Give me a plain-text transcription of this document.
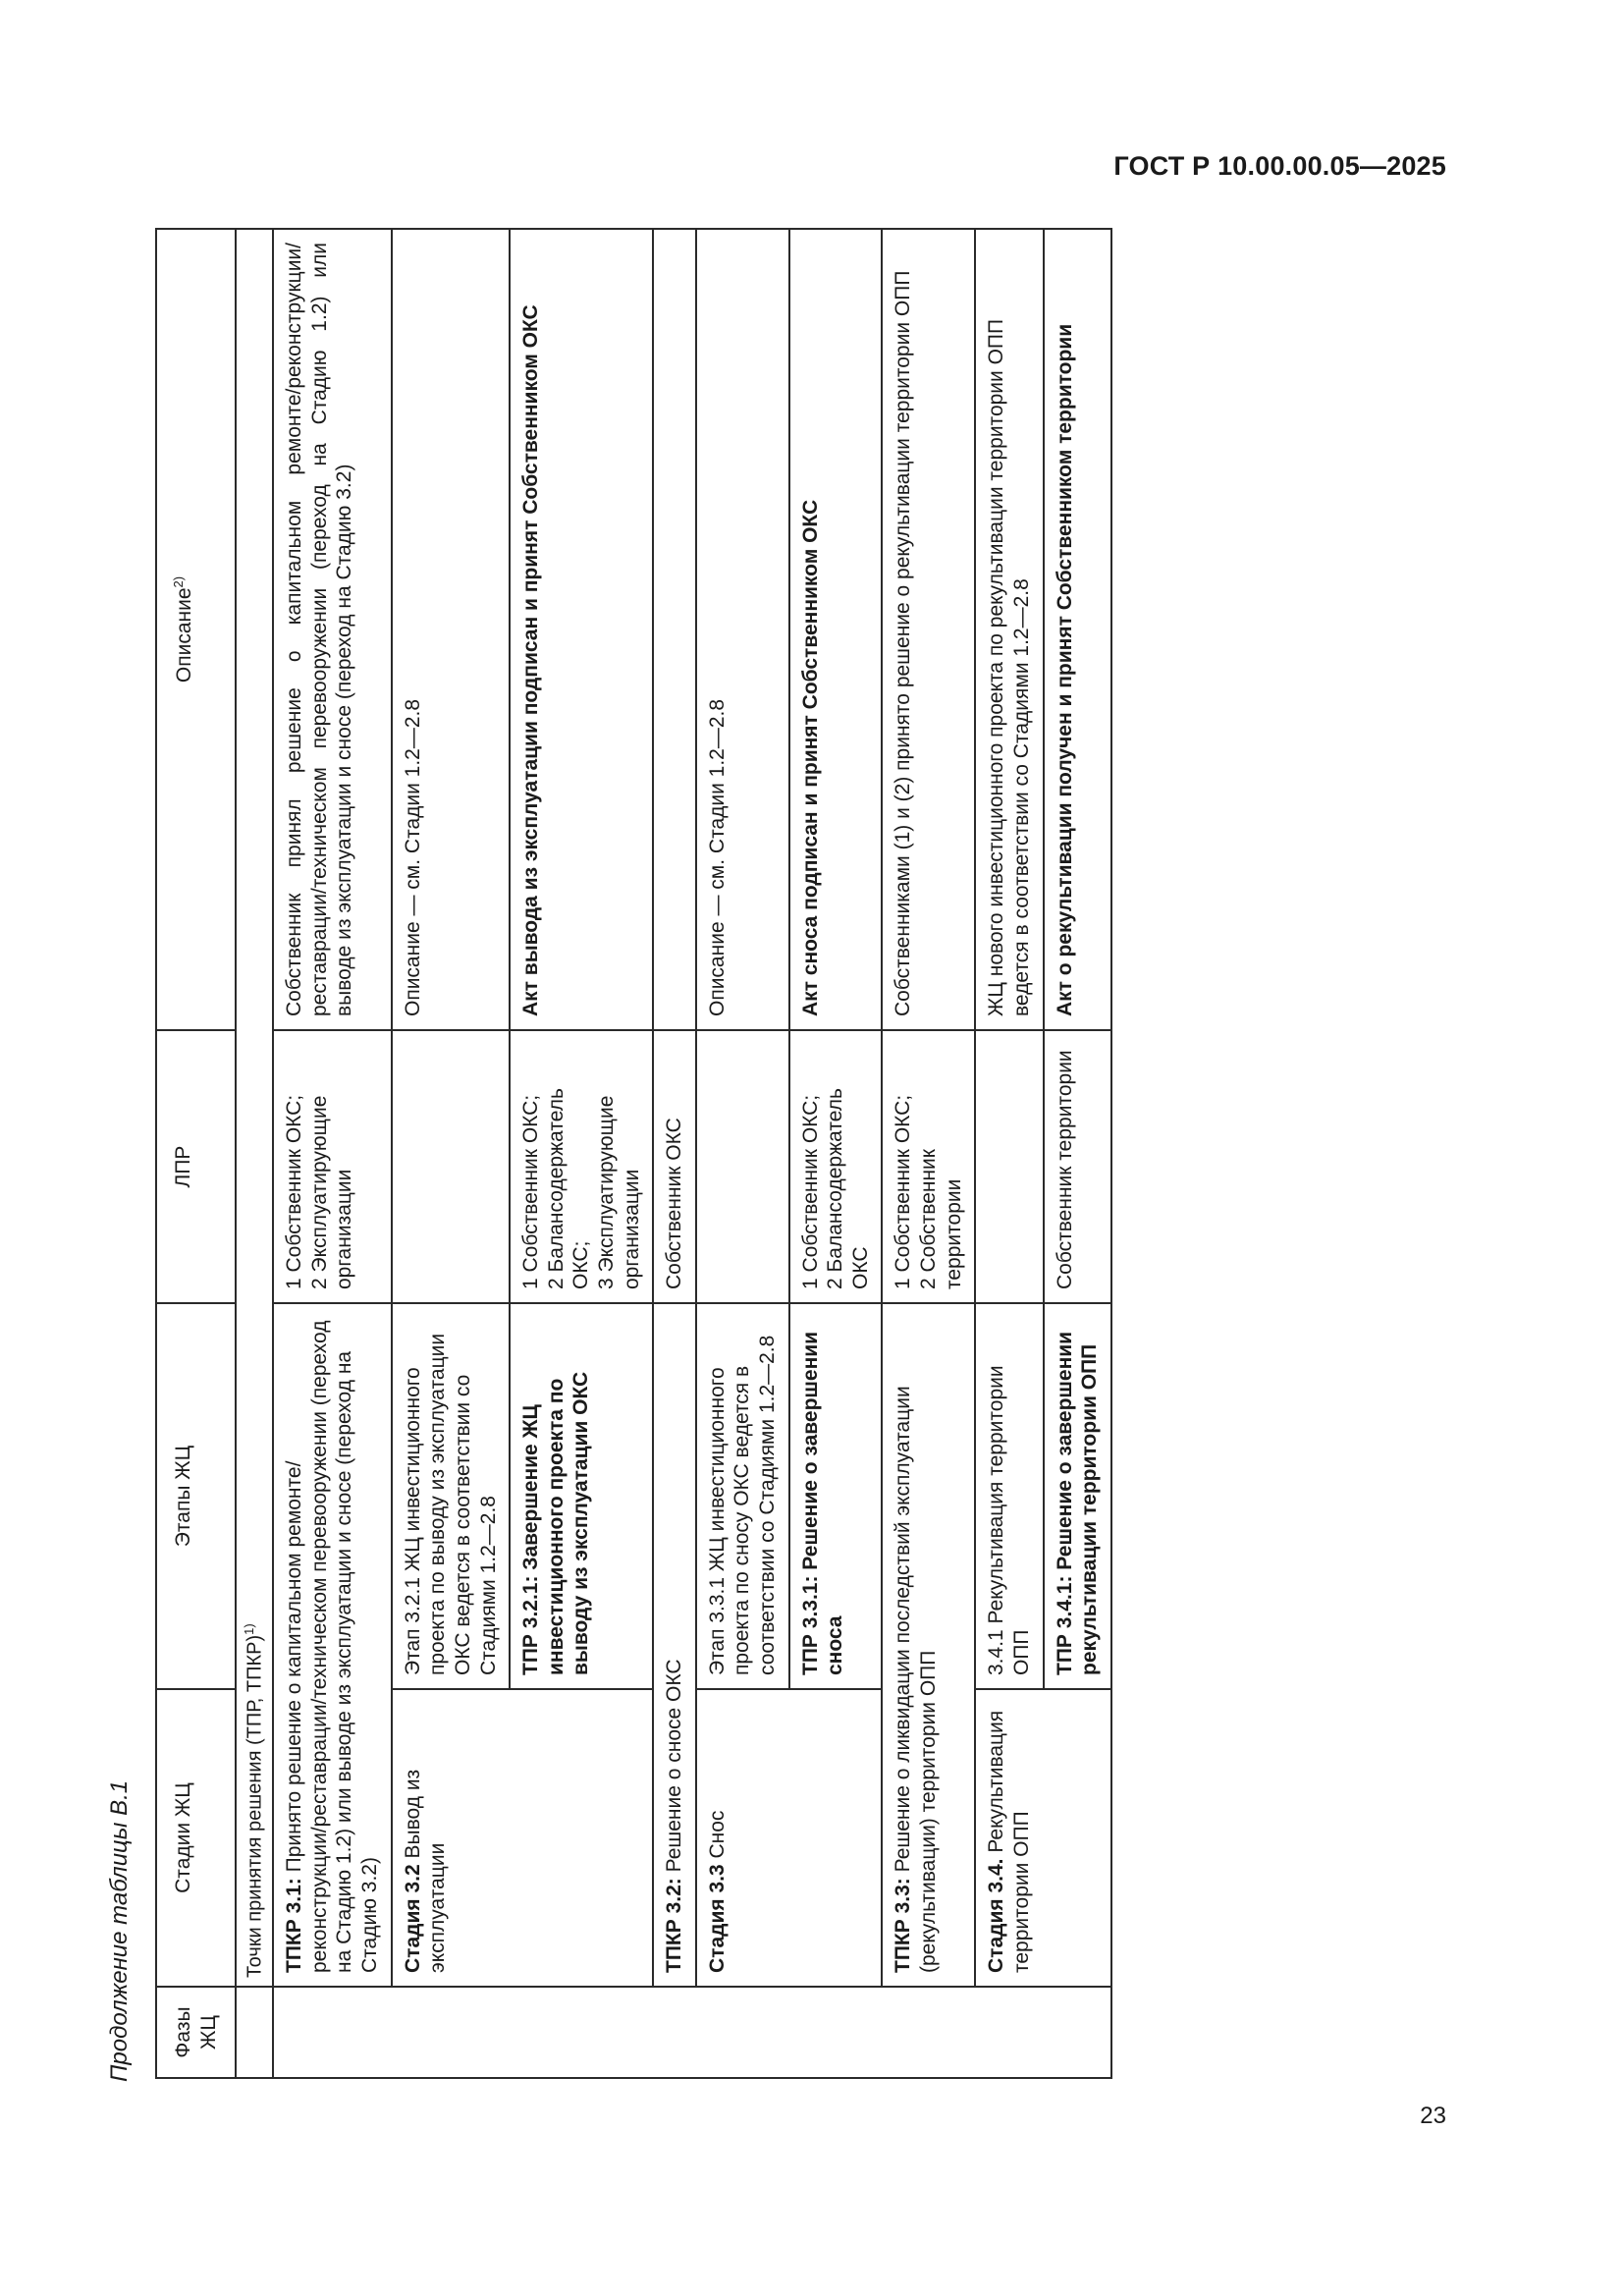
ГОСТ Р 10.00.00.05—2025
Продолжение таблицы В.1 Фазы ЖЦ	Стадии ЖЦ	Этапы ЖЦ	ЛПР	Описание$^{2)}$
	Точки принятия решения (ТПР, ТПКР)$^{1)}$
	ТПКР 3.1: Принято решение о капитальном ремонте/реконструкции/реставрации/техническом перевооружении (переход на Стадию 1.2) или выводе из эксплуатации и сносе (переход на Стадию 3.2)		1 Собственник ОКС;
2 Эксплуатирующие организации	Собственник принял решение о капитальном ремонте/реконструкции/реставрации/техническом перевооружении (переход на Стадию 1.2) или выводе из эксплуатации и сносе (переход на Стадию 3.2)
	Стадия 3.2 Вывод из эксплуатации	Этап 3.2.1 ЖЦ инвестиционного проекта по выводу из эксплуатации ОКС ведется в соответствии со Стадиями 1.2—2.8		Описание — см. Стадии 1.2—2.8
		ТПР 3.2.1: Завершение ЖЦ инвестиционного проекта по выводу из эксплуатации ОКС	1 Собственник ОКС;
2 Балансодержатель ОКС;
3 Эксплуатирующие организации	Акт вывода из эксплуатации подписан и принят Собственником ОКС
	ТПКР 3.2: Решение о сносе ОКС		Собственник ОКС	
	Стадия 3.3 Снос	Этап 3.3.1 ЖЦ инвестиционного проекта по сносу ОКС ведется в соответствии со Стадиями 1.2—2.8		Описание — см. Стадии 1.2—2.8
		ТПР 3.3.1: Решение о завершении сноса	1 Собственник ОКС;
2 Балансодержатель ОКС	Акт сноса подписан и принят Собственником ОКС
	ТПКР 3.3: Решение о ликвидации последствий эксплуатации (рекультивации) территории ОПП		1 Собственник ОКС;
2 Собственник территории	Собственниками (1) и (2) принято решение о рекультивации территории ОПП
	Стадия 3.4. Рекультивация территории ОПП	3.4.1 Рекультивация территории ОПП		ЖЦ нового инвестиционного проекта по рекультивации территории ОПП ведется в соответствии со Стадиями 1.2—2.8
		ТПР 3.4.1: Решение о завершении рекультивации территории ОПП	Собственник территории	Акт о рекультивации получен и принят Собственником территории
23
